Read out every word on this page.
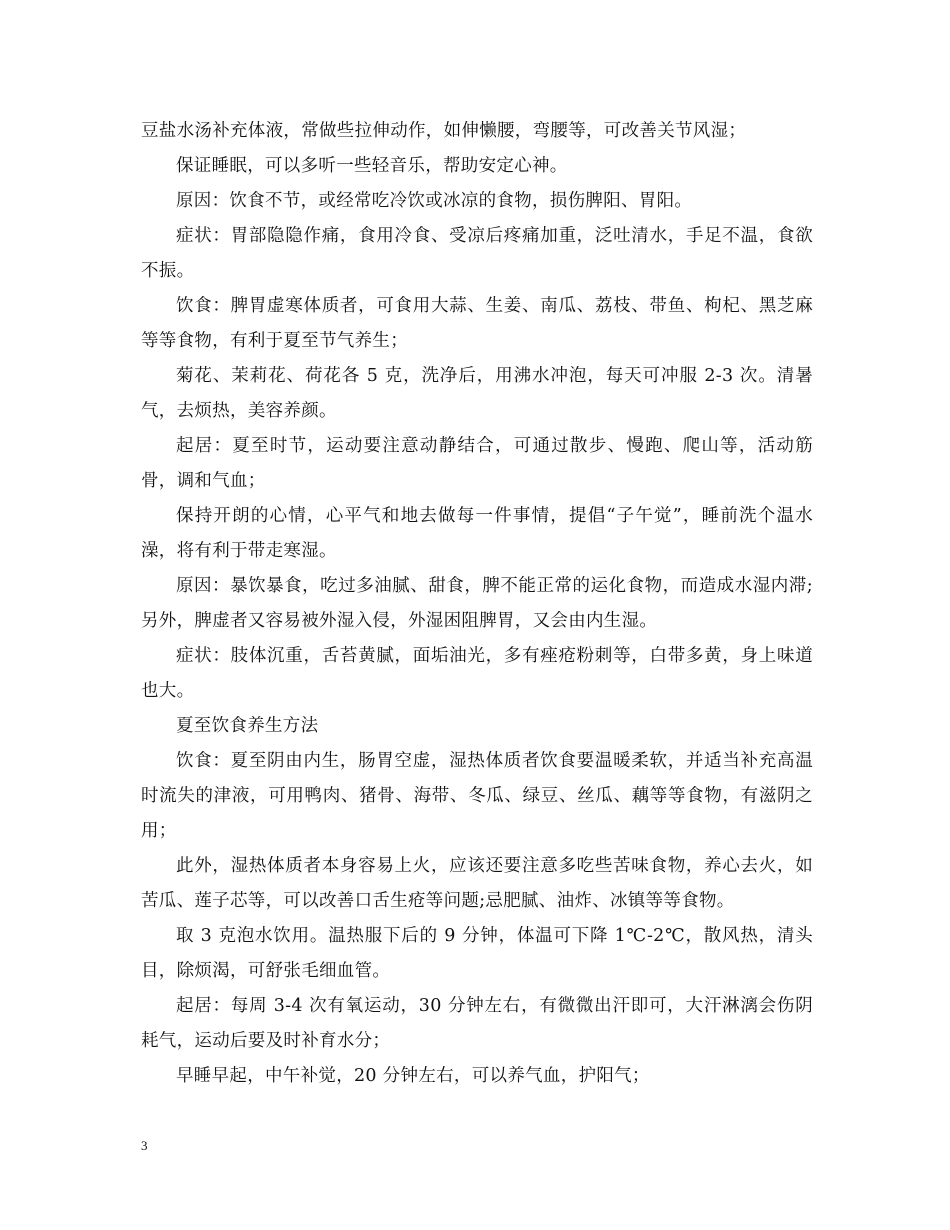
豆盐水汤补充体液，常做些拉伸动作，如伸懒腰，弯腰等，可改善关节风湿；

保证睡眠，可以多听一些轻音乐，帮助安定心神。

原因：饮食不节，或经常吃冷饮或冰凉的食物，损伤脾阳、胃阳。

症状：胃部隐隐作痛，食用冷食、受凉后疼痛加重，泛吐清水，手足不温，食欲不振。

饮食：脾胃虚寒体质者，可食用大蒜、生姜、南瓜、荔枝、带鱼、枸杞、黑芝麻等等食物，有利于夏至节气养生；

菊花、茉莉花、荷花各 5 克，洗净后，用沸水冲泡，每天可冲服 2-3 次。清暑气，去烦热，美容养颜。

起居：夏至时节，运动要注意动静结合，可通过散步、慢跑、爬山等，活动筋骨，调和气血；

保持开朗的心情，心平气和地去做每一件事情，提倡“子午觉”，睡前洗个温水澡，将有利于带走寒湿。

原因：暴饮暴食，吃过多油腻、甜食，脾不能正常的运化食物，而造成水湿内滞;另外，脾虚者又容易被外湿入侵，外湿困阻脾胃，又会由内生湿。

症状：肢体沉重，舌苔黄腻，面垢油光，多有痤疮粉刺等，白带多黄，身上味道也大。

夏至饮食养生方法

饮食：夏至阴由内生，肠胃空虚，湿热体质者饮食要温暖柔软，并适当补充高温时流失的津液，可用鸭肉、猪骨、海带、冬瓜、绿豆、丝瓜、藕等等食物，有滋阴之用；

此外，湿热体质者本身容易上火，应该还要注意多吃些苦味食物，养心去火，如苦瓜、莲子芯等，可以改善口舌生疮等问题;忌肥腻、油炸、冰镇等等食物。

取 3 克泡水饮用。温热服下后的 9 分钟，体温可下降 1℃-2℃，散风热，清头目，除烦渴，可舒张毛细血管。

起居：每周 3-4 次有氧运动，30 分钟左右，有微微出汗即可，大汗淋漓会伤阴耗气，运动后要及时补育水分；

早睡早起，中午补觉，20 分钟左右，可以养气血，护阳气；

3
